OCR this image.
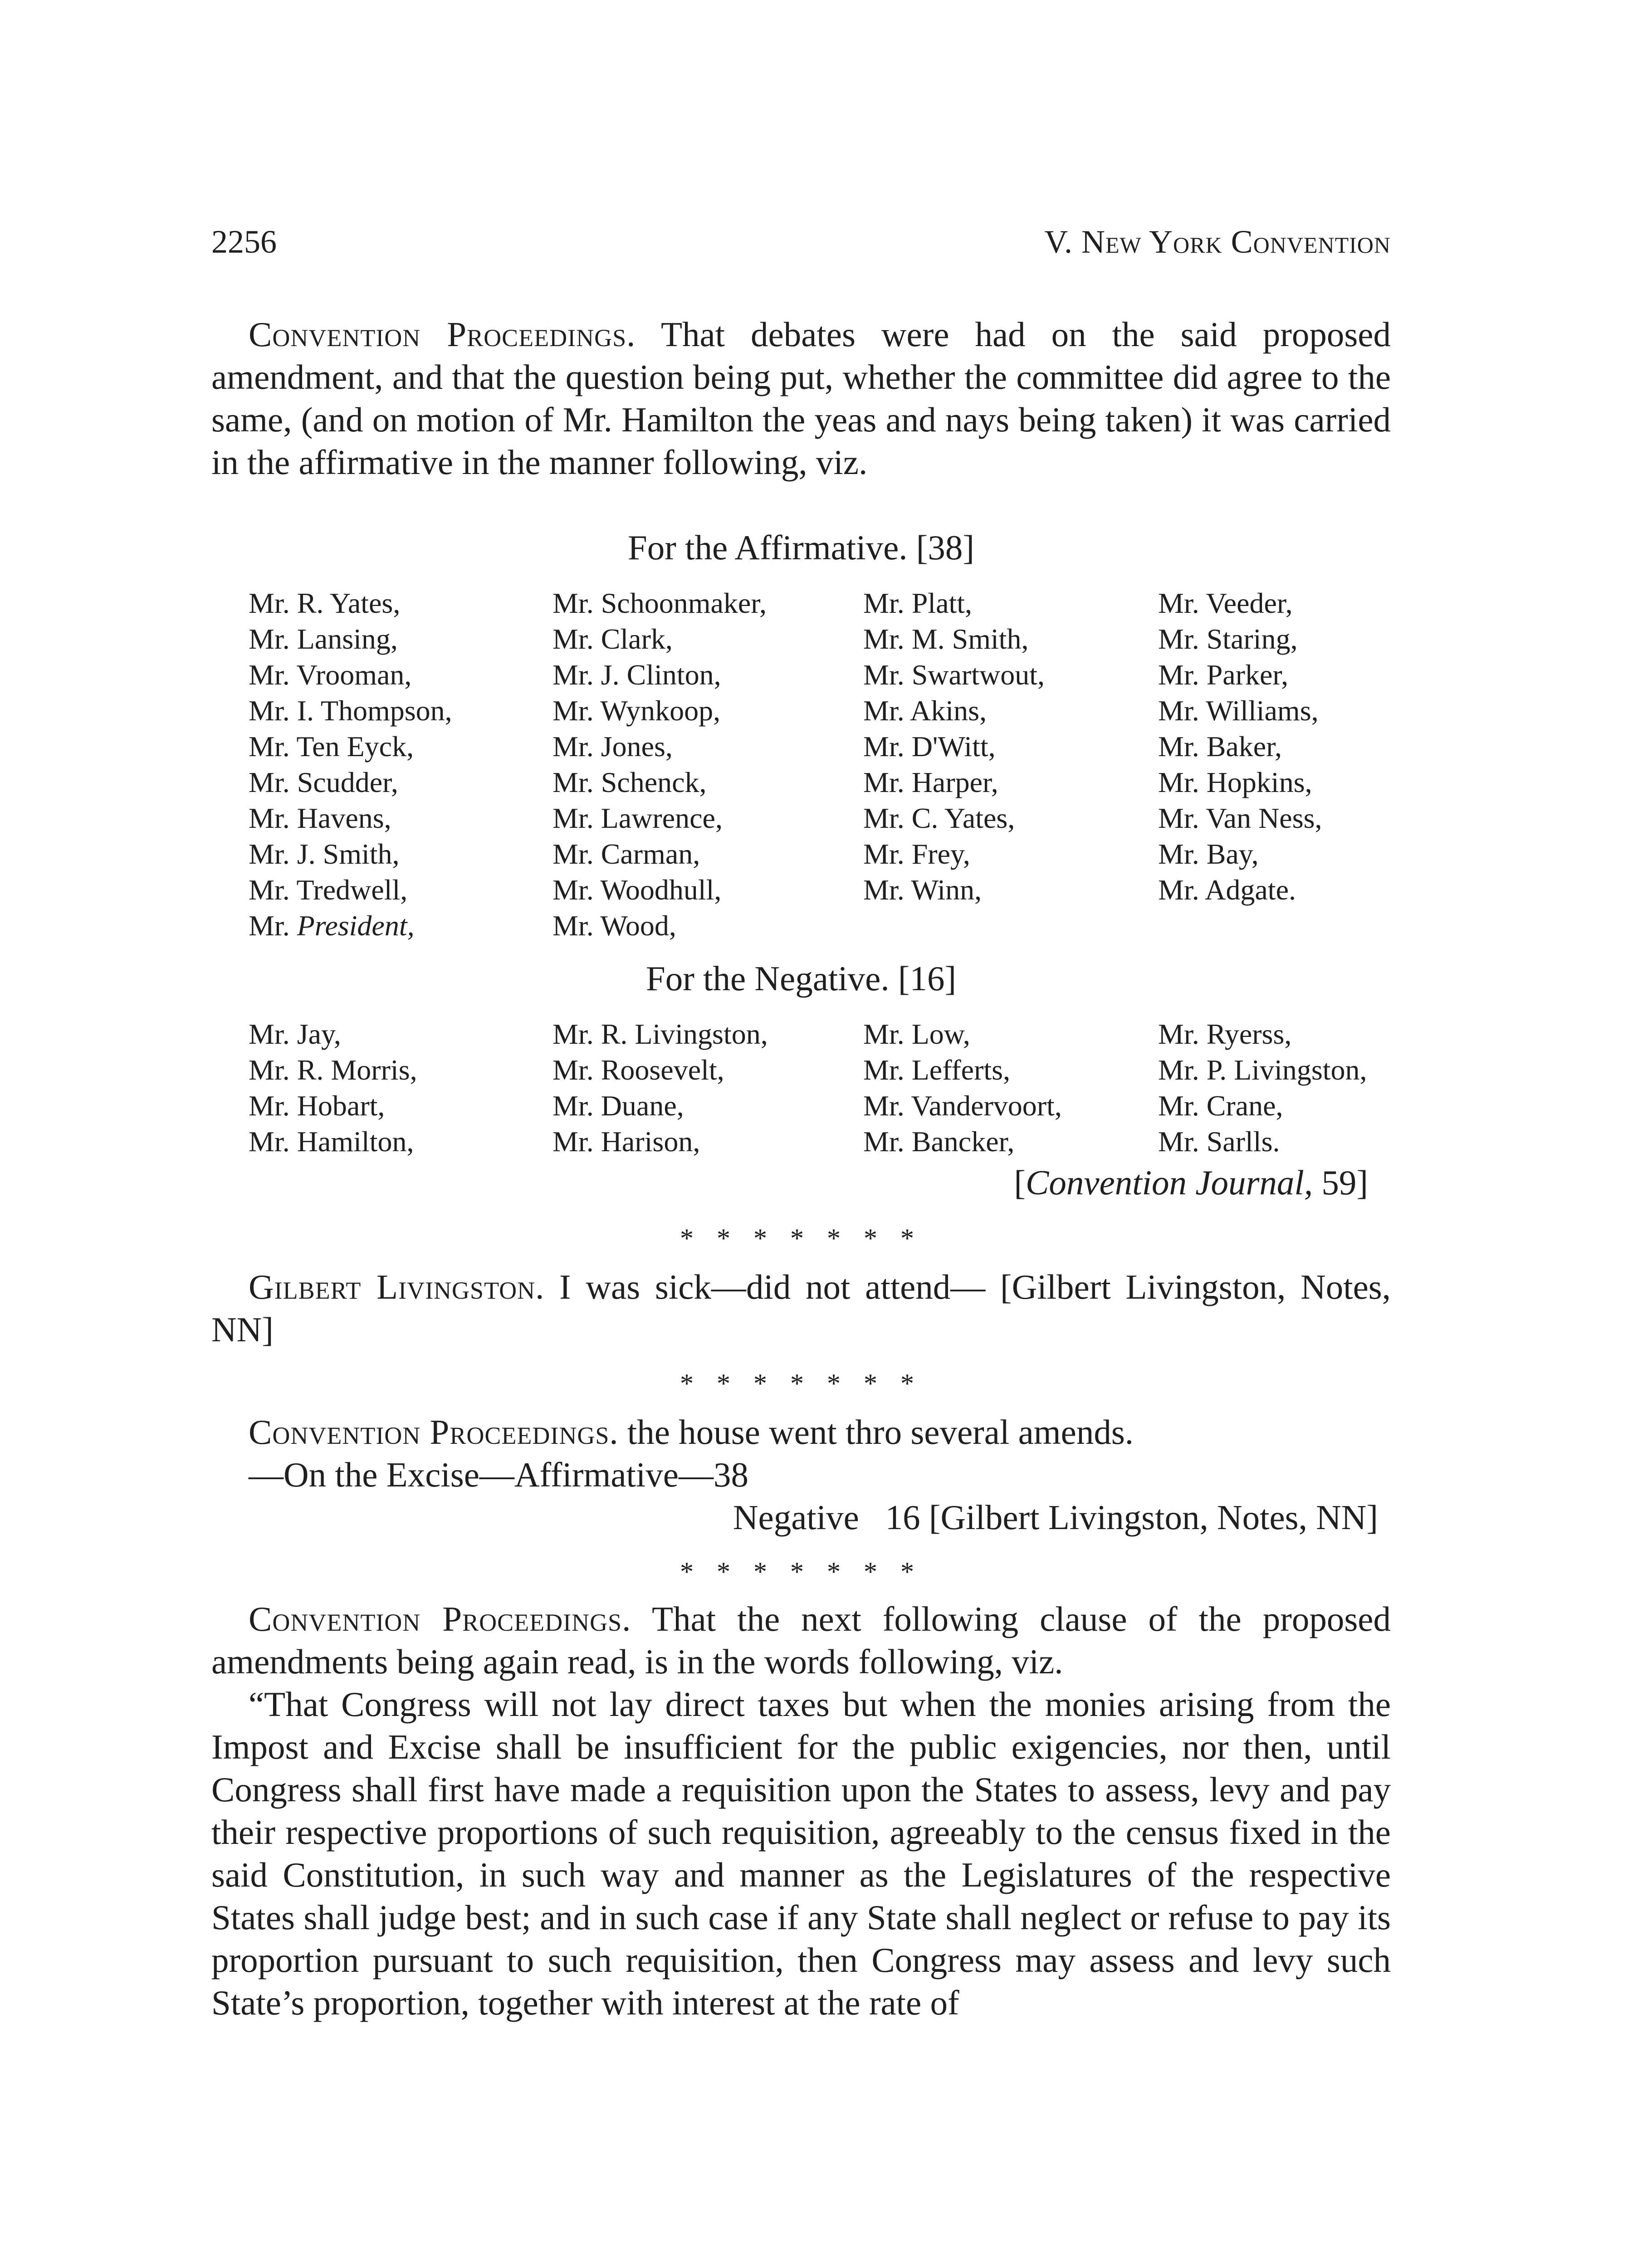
2256	V. New York Convention

Convention Proceedings. That debates were had on the said proposed amendment, and that the question being put, whether the committee did agree to the same, (and on motion of Mr. Hamilton the yeas and nays being taken) it was carried in the affirmative in the manner following, viz.

For the Affirmative. [38]
Mr. R. Yates,	Mr. Schoonmaker,	Mr. Platt,	Mr. Veeder,
Mr. Lansing,	Mr. Clark,	Mr. M. Smith,	Mr. Staring,
Mr. Vrooman,	Mr. J. Clinton,	Mr. Swartwout,	Mr. Parker,
Mr. I. Thompson,	Mr. Wynkoop,	Mr. Akins,	Mr. Williams,
Mr. Ten Eyck,	Mr. Jones,	Mr. D'Witt,	Mr. Baker,
Mr. Scudder,	Mr. Schenck,	Mr. Harper,	Mr. Hopkins,
Mr. Havens,	Mr. Lawrence,	Mr. C. Yates,	Mr. Van Ness,
Mr. J. Smith,	Mr. Carman,	Mr. Frey,	Mr. Bay,
Mr. Tredwell,	Mr. Woodhull,	Mr. Winn,	Mr. Adgate.
Mr. President,	Mr. Wood,
For the Negative. [16]
Mr. Jay,	Mr. R. Livingston,	Mr. Low,	Mr. Ryerss,
Mr. R. Morris,	Mr. Roosevelt,	Mr. Lefferts,	Mr. P. Livingston,
Mr. Hobart,	Mr. Duane,	Mr. Vandervoort,	Mr. Crane,
Mr. Hamilton,	Mr. Harison,	Mr. Bancker,	Mr. Sarlls.
[Convention Journal, 59]
* * * * * * *

Gilbert Livingston. I was sick—did not attend— [Gilbert Livingston, Notes, NN]

* * * * * * *

Convention Proceedings. the house went thro several amends.

—On the Excise—Affirmative—38
Negative   16 [Gilbert Livingston, Notes, NN]
* * * * * * *

Convention Proceedings. That the next following clause of the proposed amendments being again read, is in the words following, viz.

“That Congress will not lay direct taxes but when the monies arising from the Impost and Excise shall be insufficient for the public exigencies, nor then, until Congress shall first have made a requisition upon the States to assess, levy and pay their respective proportions of such requisition, agreeably to the census fixed in the said Constitution, in such way and manner as the Legislatures of the respective States shall judge best; and in such case if any State shall neglect or refuse to pay its proportion pursuant to such requisition, then Congress may assess and levy such State’s proportion, together with interest at the rate of
